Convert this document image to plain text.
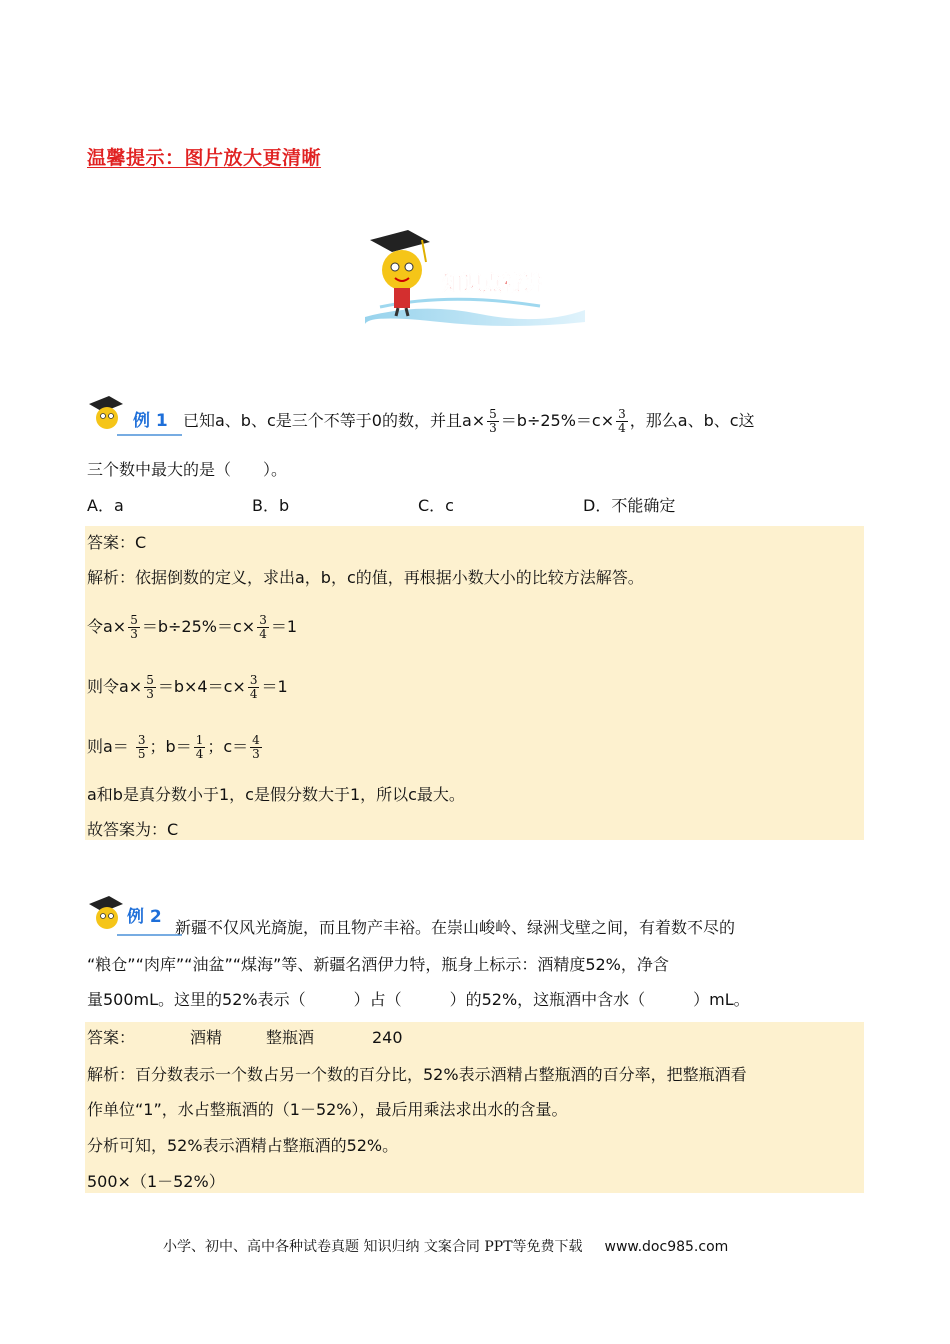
温馨提示：图片放大更清晰
知识点精讲
例 1 已知a、b、c是三个不等于0的数，并且$a\times \frac{5}{3} =b\div 25\%=c\times \frac{3}{4}$ ，那么a、b、c这
三个数中最大的是（　　）。
A．a	B．b	C．c	D．不能确定
答案：C
解析：依据倒数的定义，求出a，b，c的值，再根据小数大小的比较方法解答。
令$a\times \frac{5}{3} =b\div 25\%=c\times \frac{3}{4} =1$
则令$a\times \frac{5}{3} =b\times 4=c\times \frac{3}{4} =1$
则$a= \frac{3}{5}$ ；$b= \frac{1}{4}$ ；$c= \frac{4}{3}$
a和b是真分数小于1，c是假分数大于1，所以c最大。
故答案为：C
例 2
新疆不仅风光旖旎，而且物产丰裕。在崇山峻岭、绿洲戈壁之间，有着数不尽的
“粮仓”“肉库”“油盆”“煤海”等、新疆名酒伊力特，瓶身上标示：酒精度52%，净含
量500mL。这里的52%表示（　　　）占（　　　）的52%，这瓶酒中含水（　　　）mL。
答案：	酒精	整瓶酒	240
解析：百分数表示一个数占另一个数的百分比，52%表示酒精占整瓶酒的百分率，把整瓶酒看
作单位“1”，水占整瓶酒的（1－52%），最后用乘法求出水的含量。
分析可知，52%表示酒精占整瓶酒的52%。
500×（1－52%）
小学、初中、高中各种试卷真题 知识归纳 文案合同 PPT等免费下载 www.doc985.com
